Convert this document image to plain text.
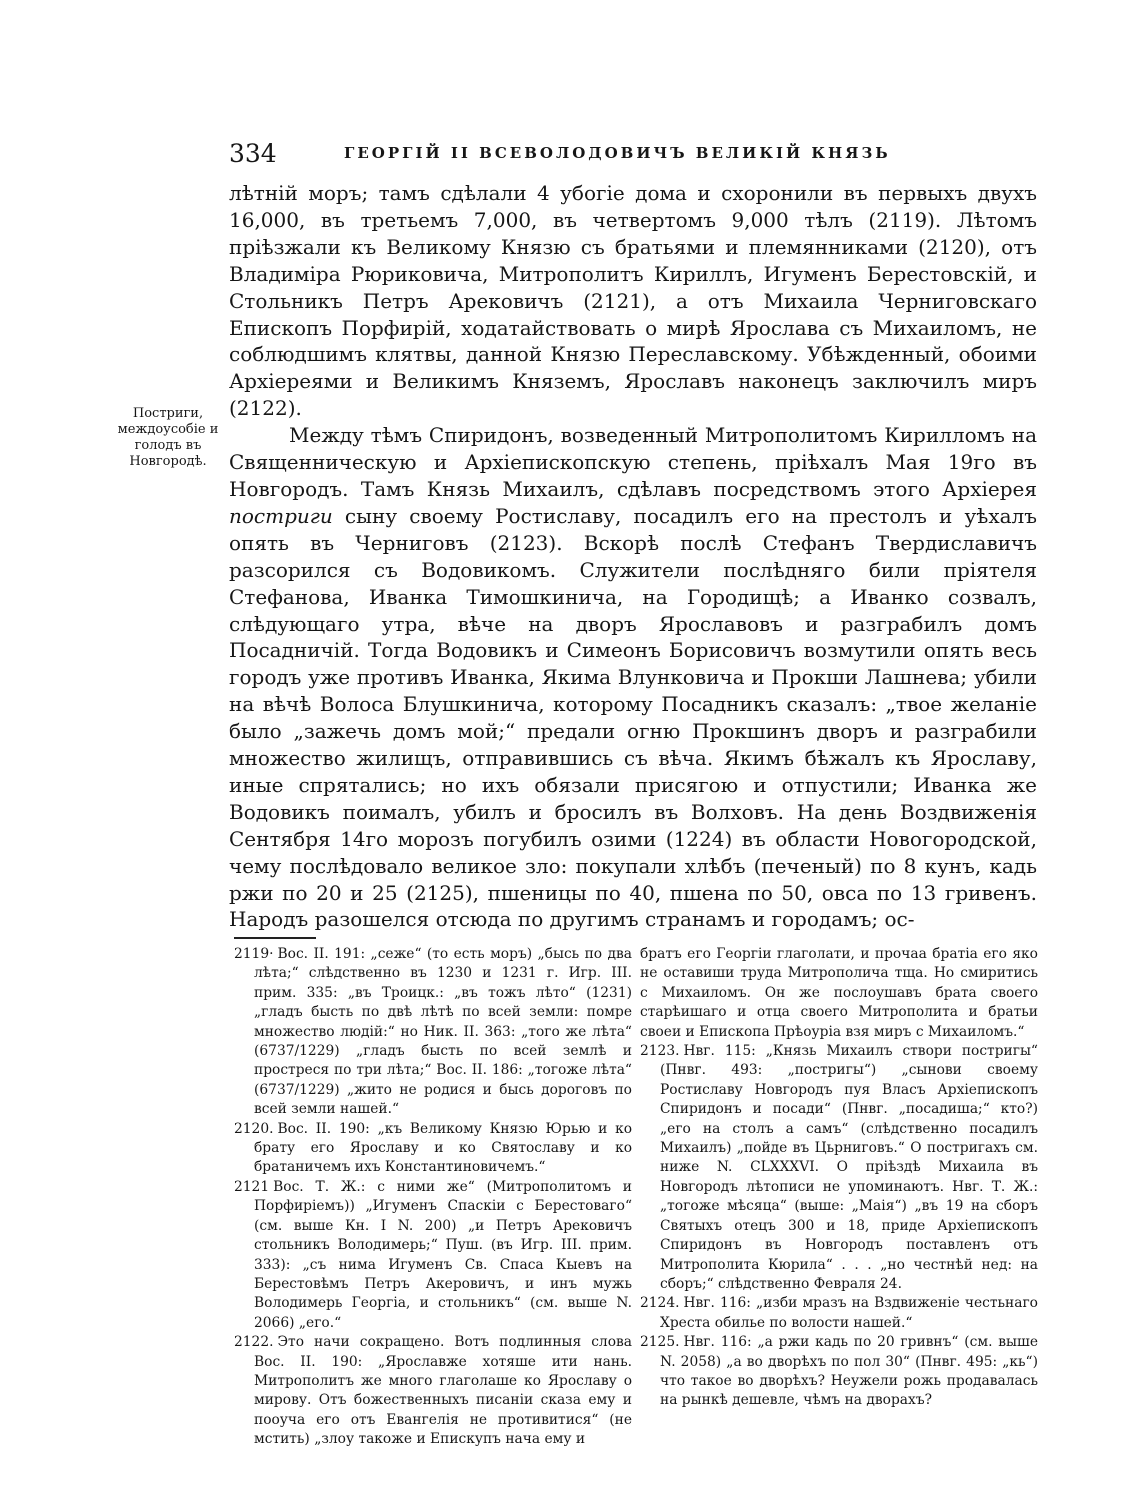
334	ГЕОРГІЙ II ВСЕВОЛОДОВИЧЪ ВЕЛИКІЙ КНЯЗЬ
Постриги, междоусобіе и голодъ въ Новгородѣ.

лѣтній моръ; тамъ сдѣлали 4 убогіе дома и схоронили въ первыхъ двухъ 16,000, въ третьемъ 7,000, въ четвертомъ 9,000 тѣлъ (2119). Лѣтомъ пріѣзжали къ Великому Князю съ братьями и племянниками (2120), отъ Владиміра Рюриковича, Митрополитъ Кириллъ, Игуменъ Берестовскій, и Стольникъ Петръ Арековичъ (2121), а отъ Михаила Черниговскаго Епископъ Порфирій, ходатайствовать о мирѣ Ярослава съ Михаиломъ, не соблюдшимъ клятвы, данной Князю Переславскому. Убѣжденный, обоими Архіереями и Великимъ Княземъ, Ярославъ наконецъ заключилъ миръ (2122).

Между тѣмъ Спиридонъ, возведенный Митрополитомъ Кирилломъ на Священническую и Архіепископскую степень, пріѣхалъ Мая 19го въ Новгородъ. Тамъ Князь Михаилъ, сдѣлавъ посредствомъ этого Архіерея постриги сыну своему Ростиславу, посадилъ его на престолъ и уѣхалъ опять въ Черниговъ (2123). Вскорѣ послѣ Стефанъ Твердиславичъ разсорился съ Водовикомъ. Служители послѣдняго били пріятеля Стефанова, Иванка Тимошкинича, на Городищѣ; а Иванко созвалъ, слѣдующаго утра, вѣче на дворъ Ярославовъ и разграбилъ домъ Посадничій. Тогда Водовикъ и Симеонъ Борисовичъ возмутили опять весь городъ уже противъ Иванка, Якима Влунковича и Прокши Лашнева; убили на вѣчѣ Волоса Блушкинича, которому Посадникъ сказалъ: „твое желаніе было „зажечь домъ мой;“ предали огню Прокшинъ дворъ и разграбили множество жилищъ, отправившись съ вѣча. Якимъ бѣжалъ къ Ярославу, иные спрятались; но ихъ обязали присягою и отпустили; Иванка же Водовикъ поималъ, убилъ и бросилъ въ Волховъ. На день Воздвиженія Сентября 14го морозъ погубилъ озими (1224) въ области Новогородской, чему послѣдовало великое зло: покупали хлѣбъ (печеный) по 8 кунъ, кадь ржи по 20 и 25 (2125), пшеницы по 40, пшена по 50, овса по 13 гривенъ. Народъ разошелся отсюда по другимъ странамъ и городамъ; ос-

2119· Вос. II. 191: „сеже“ (то есть моръ) „бысь по два лѣта;“ слѣдственно въ 1230 и 1231 г. Игр. III. прим. 335: „въ Троицк.: „въ тожъ лѣто“ (1231) „гладъ бысть по двѣ лѣтѣ по всей земли: помре множество людій:“ но Ник. II. 363: „того же лѣта“ (6737/1229) „гладъ бысть по всей землѣ и простреся по три лѣта;“ Вос. II. 186: „тогоже лѣта“ (6737/1229) „жито не родися и бысь дороговъ по всей земли нашей.“

2120. Вос. II. 190: „къ Великому Князю Юрью и ко брату его Ярославу и ко Святославу и ко братаничемъ ихъ Константиновичемъ.“

2121 Вос. Т. Ж.: с ними же“ (Митрополитомъ и Порфиріемъ)) „Игуменъ Спаскіи с Берестоваго“ (см. выше Кн. I N. 200) „и Петръ Арековичъ стольникъ Володимерь;“ Пуш. (въ Игр. III. прим. 333): „съ нима Игуменъ Св. Спаса Кыевъ на Берестовѣмъ Петръ Акеровичъ, и инъ мужь Володимерь Георгіа, и стольникъ“ (см. выше N. 2066) „его.“

2122. Это начи сокращено. Вотъ подлинныя слова Вос. II. 190: „Ярославже хотяше ити нань. Митрополитъ же много глаголаше ко Ярославу о мирову. Отъ божественныхъ писаніи сказа ему и пооуча его отъ Евангелія не противитися“ (не мстить) „злоу такоже и Епискупъ нача ему и

братъ его Георгіи глаголати, и прочаа братіа его яко не оставиши труда Митрополича тща. Но смиритись с Михаиломъ. Он же послоушавъ брата своего старѣишаго и отца своего Митрополита и братьи своеи и Епископа Прѣоуріа взя миръ с Михаиломъ.“

2123. Нвг. 115: „Князь Михаилъ створи постригы“ (Пнвг. 493: „постригы“) „сынови своему Ростиславу Новгородъ пуя Власъ Архіепископъ Спиридонъ и посади“ (Пнвг. „посадиша;“ кто?) „его на столъ а самъ“ (слѣдственно посадилъ Михаилъ) „пойде въ Цьрниговъ.“ О постригахъ см. ниже N. CLXXXVI. О пріѣздѣ Михаила въ Новгородъ лѣтописи не упоминаютъ. Нвг. Т. Ж.: „тогоже мѣсяца“ (выше: „Маія“) „въ 19 на сборъ Святыхъ отецъ 300 и 18, приде Архіепископъ Спиридонъ въ Новгородъ поставленъ отъ Митрополита Кюрила“ . . . „но честнѣй нед: на сборъ;“ слѣдственно Февраля 24.

2124. Нвг. 116: „изби мразъ на Вздвиженіе честьнаго Хреста обилье по волости нашей.“

2125. Нвг. 116: „а ржи кадь по 20 гривнъ“ (см. выше N. 2058) „а во дворѣхъ по пол 30“ (Пнвг. 495: „кь“) что такое во дворѣхъ? Неужели рожь продавалась на рынкѣ дешевле, чѣмъ на дворахъ?
